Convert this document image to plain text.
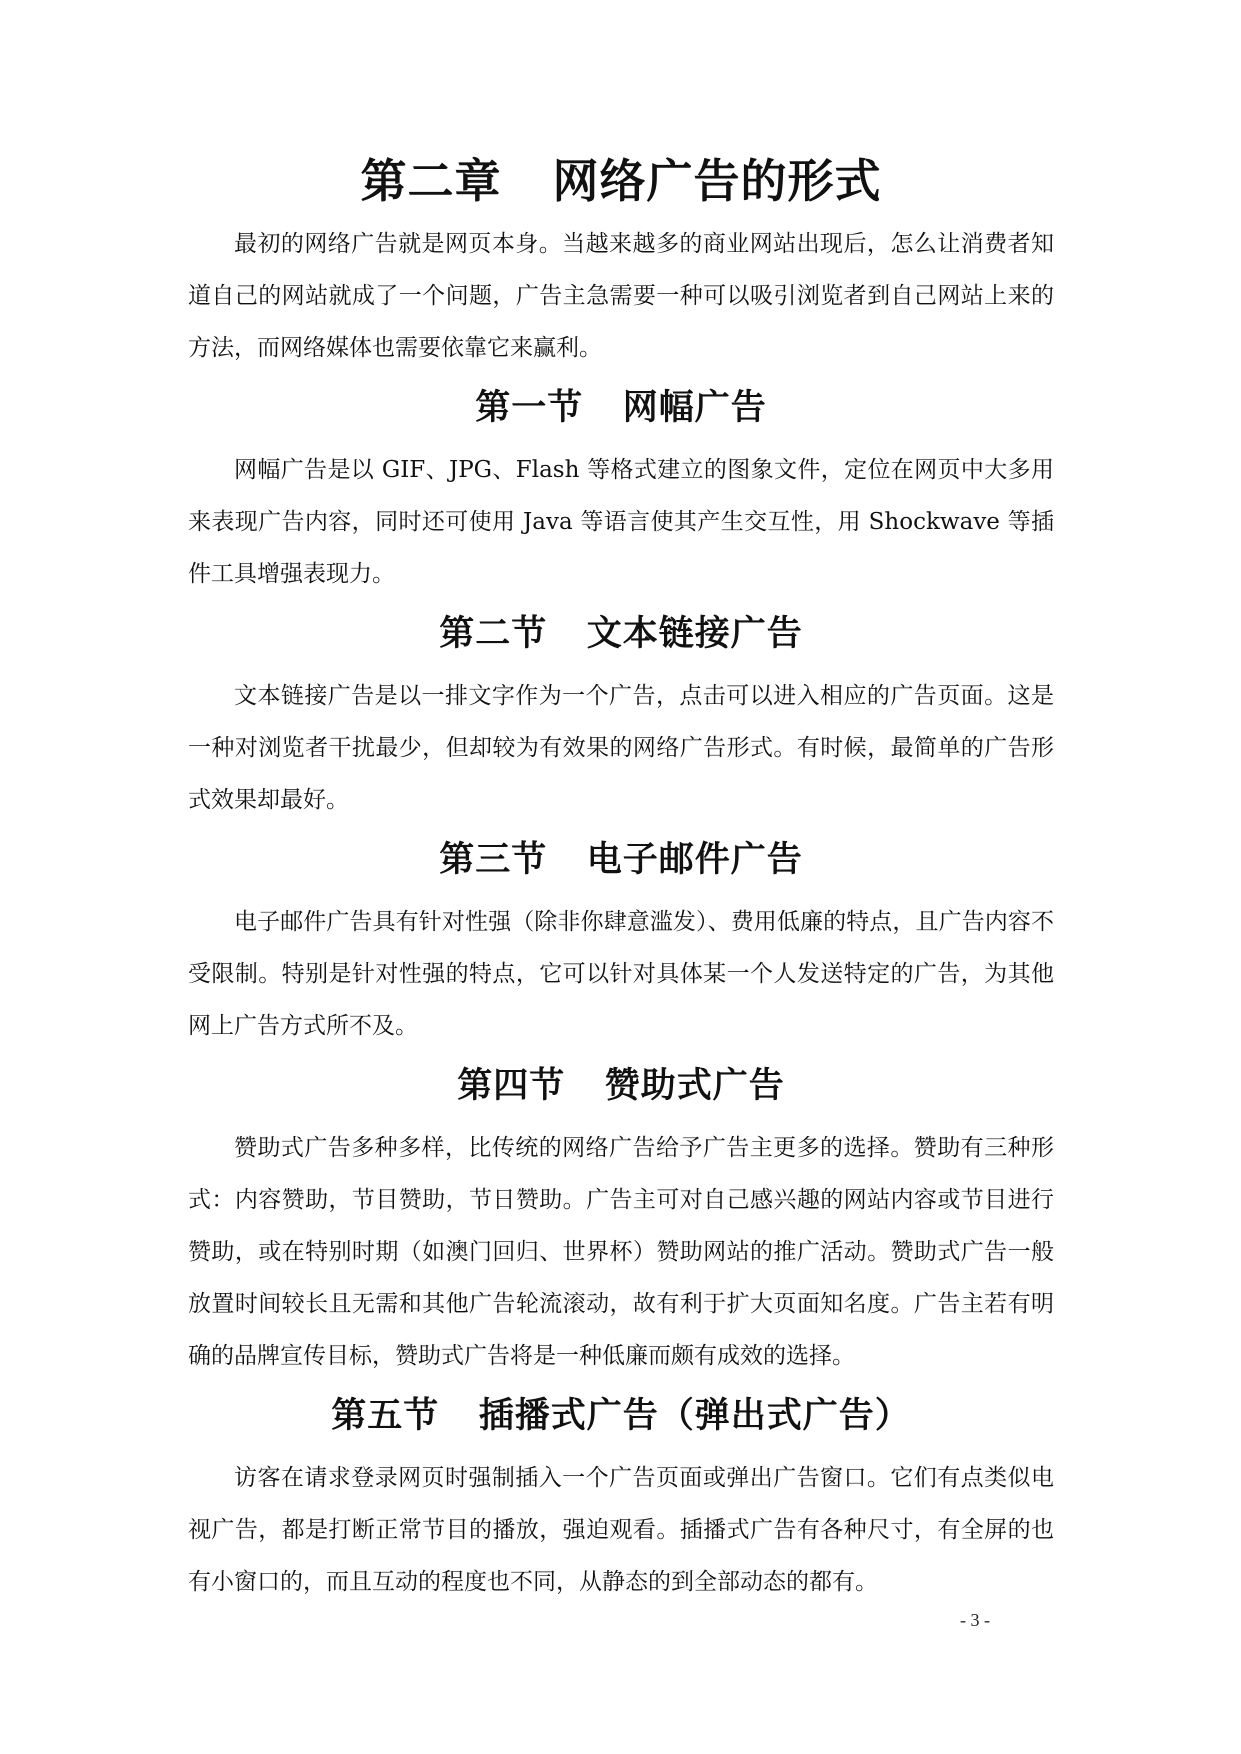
第二章   网络广告的形式

最初的网络广告就是网页本身。当越来越多的商业网站出现后，怎么让消费者知道自己的网站就成了一个问题，广告主急需要一种可以吸引浏览者到自己网站上来的方法，而网络媒体也需要依靠它来赢利。

第一节   网幅广告

网幅广告是以 GIF、JPG、Flash 等格式建立的图象文件，定位在网页中大多用来表现广告内容，同时还可使用 Java 等语言使其产生交互性，用 Shockwave 等插件工具增强表现力。

第二节   文本链接广告

文本链接广告是以一排文字作为一个广告，点击可以进入相应的广告页面。这是一种对浏览者干扰最少，但却较为有效果的网络广告形式。有时候，最简单的广告形式效果却最好。

第三节   电子邮件广告

电子邮件广告具有针对性强（除非你肆意滥发）、费用低廉的特点，且广告内容不受限制。特别是针对性强的特点，它可以针对具体某一个人发送特定的广告，为其他网上广告方式所不及。

第四节   赞助式广告

赞助式广告多种多样，比传统的网络广告给予广告主更多的选择。赞助有三种形式：内容赞助，节目赞助，节日赞助。广告主可对自己感兴趣的网站内容或节目进行赞助，或在特别时期（如澳门回归、世界杯）赞助网站的推广活动。赞助式广告一般放置时间较长且无需和其他广告轮流滚动，故有利于扩大页面知名度。广告主若有明确的品牌宣传目标，赞助式广告将是一种低廉而颇有成效的选择。

第五节   插播式广告（弹出式广告）

访客在请求登录网页时强制插入一个广告页面或弹出广告窗口。它们有点类似电视广告，都是打断正常节目的播放，强迫观看。插播式广告有各种尺寸，有全屏的也有小窗口的，而且互动的程度也不同，从静态的到全部动态的都有。

- 3 -
